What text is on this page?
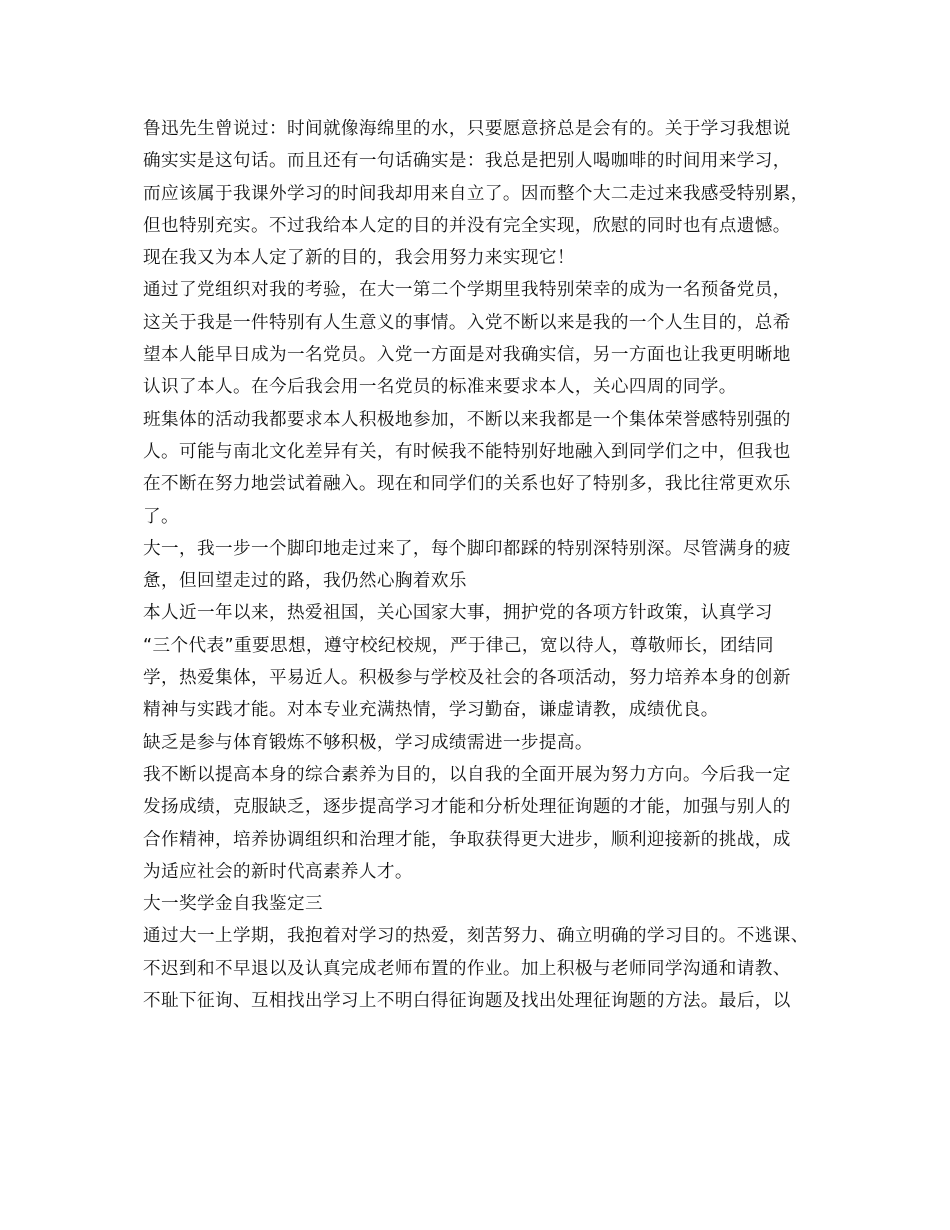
鲁迅先生曾说过：时间就像海绵里的水，只要愿意挤总是会有的。关于学习我想说
确实实是这句话。而且还有一句话确实是：我总是把别人喝咖啡的时间用来学习，
而应该属于我课外学习的时间我却用来自立了。因而整个大二走过来我感受特别累，
但也特别充实。不过我给本人定的目的并没有完全实现，欣慰的同时也有点遗憾。
现在我又为本人定了新的目的，我会用努力来实现它！
通过了党组织对我的考验，在大一第二个学期里我特别荣幸的成为一名预备党员，
这关于我是一件特别有人生意义的事情。入党不断以来是我的一个人生目的，总希
望本人能早日成为一名党员。入党一方面是对我确实信，另一方面也让我更明晰地
认识了本人。在今后我会用一名党员的标准来要求本人，关心四周的同学。
班集体的活动我都要求本人积极地参加，不断以来我都是一个集体荣誉感特别强的
人。可能与南北文化差异有关，有时候我不能特别好地融入到同学们之中，但我也
在不断在努力地尝试着融入。现在和同学们的关系也好了特别多，我比往常更欢乐
了。
大一，我一步一个脚印地走过来了，每个脚印都踩的特别深特别深。尽管满身的疲
惫，但回望走过的路，我仍然心胸着欢乐
本人近一年以来，热爱祖国，关心国家大事，拥护党的各项方针政策，认真学习
“三个代表”重要思想，遵守校纪校规，严于律己，宽以待人，尊敬师长，团结同
学，热爱集体，平易近人。积极参与学校及社会的各项活动，努力培养本身的创新
精神与实践才能。对本专业充满热情，学习勤奋，谦虚请教，成绩优良。
缺乏是参与体育锻炼不够积极，学习成绩需进一步提高。
我不断以提高本身的综合素养为目的，以自我的全面开展为努力方向。今后我一定
发扬成绩，克服缺乏，逐步提高学习才能和分析处理征询题的才能，加强与别人的
合作精神，培养协调组织和治理才能，争取获得更大进步，顺利迎接新的挑战，成
为适应社会的新时代高素养人才。
大一奖学金自我鉴定三
通过大一上学期，我抱着对学习的热爱，刻苦努力、确立明确的学习目的。不逃课、
不迟到和不早退以及认真完成老师布置的作业。加上积极与老师同学沟通和请教、
不耻下征询、互相找出学习上不明白得征询题及找出处理征询题的方法。最后，以
